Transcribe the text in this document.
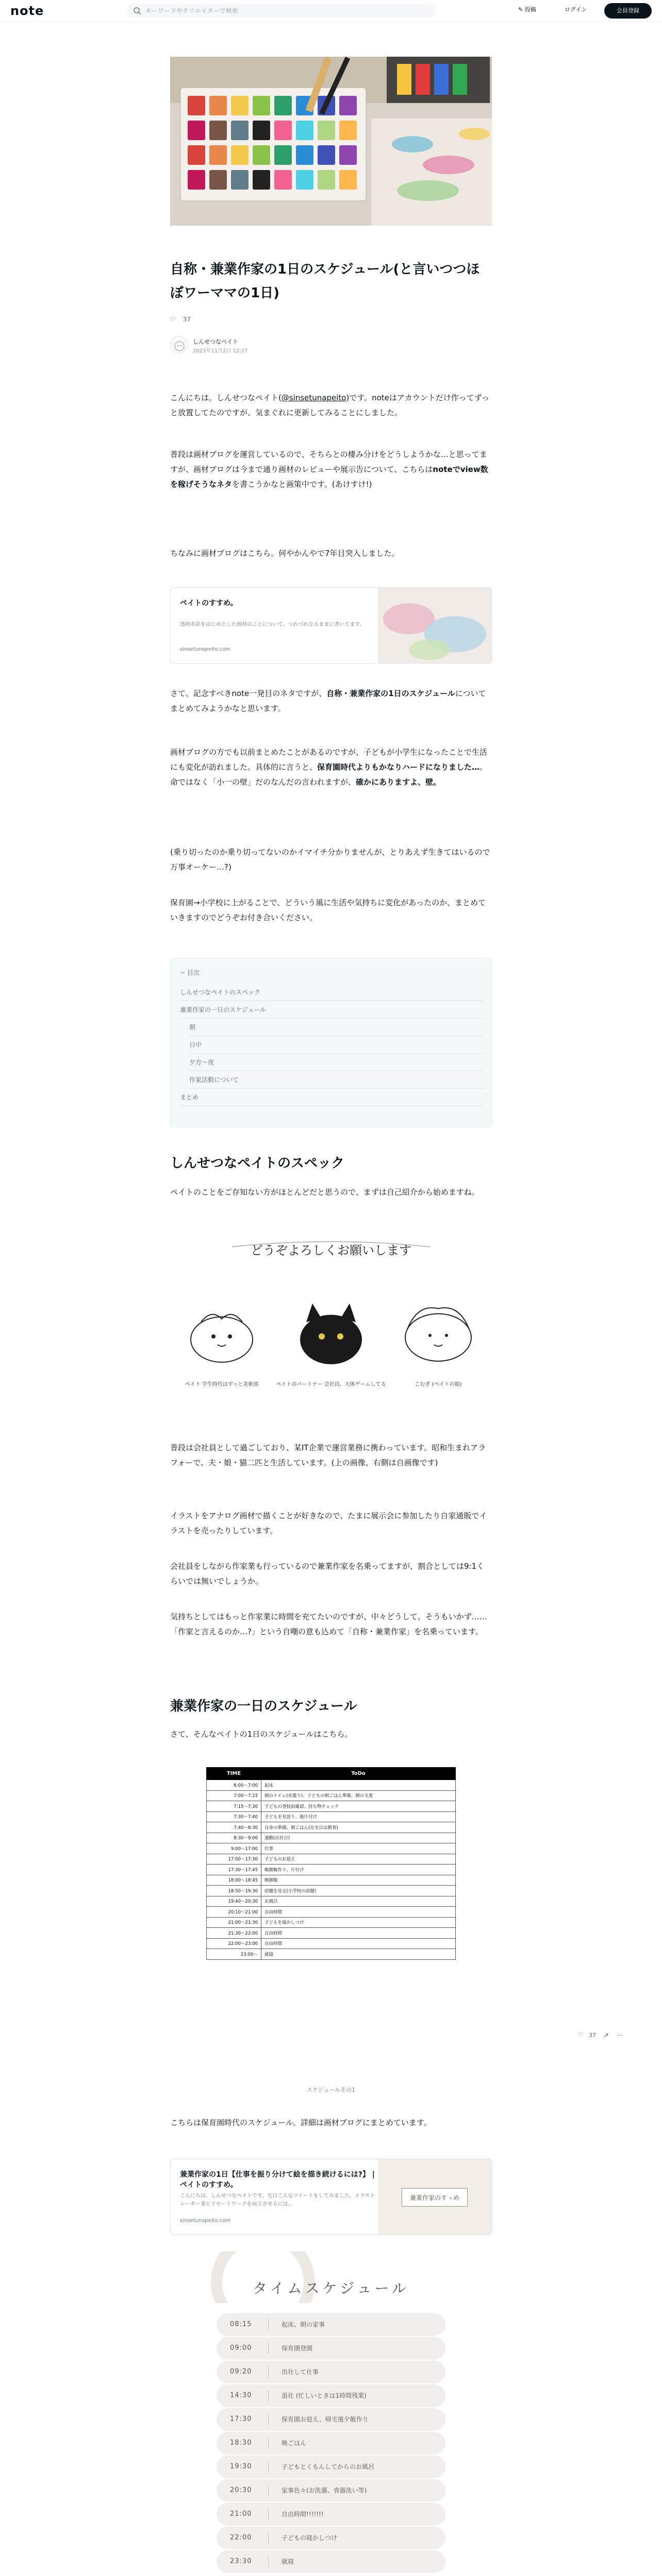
note
キーワードやクリエイターで検索	✎ 投稿	ログイン	会員登録
自称・兼業作家の1日のスケジュール(と言いつつほぼワーママの1日)
♡ 37
しんせつなペイト
2023年11月2日 12:27

こんにちは。しんせつなペイト(@sinsetunapeito)です。noteはアカウントだけ作ってずっと放置してたのですが、気まぐれに更新してみることにしました。

普段は画材ブログを運営しているので、そちらとの棲み分けをどうしようかな…と思ってますが、画材ブログは今まで通り画材のレビューや展示告について、こちらはnoteでview数を稼げそうなネタを書こうかなと画策中です。(あけすけ!)

ちなみに画材ブログはこちら。何やかんやで7年目突入しました。

ペイトのすすめ。
透明水彩をはじめとした画材のことについて、つれづれなるままに書いてます。
sinsetunapeito.com

さて、記念すべきnote一発目のネタですが、自称・兼業作家の1日のスケジュールについてまとめてみようかなと思います。

画材ブログの方でも以前まとめたことがあるのですが、子どもが小学生になったことで生活にも変化が訪れました。具体的に言うと、保育園時代よりもかなりハードになりました…。命ではなく「小一の壁」だのなんだの言われますが、確かにありますよ、壁。

(乗り切ったのか乗り切ってないのかイマイチ分かりませんが、とりあえず生きてはいるので万事オーケー…?)

保育園→小学校に上がることで、どういう風に生活や気持ちに変化があったのか、まとめていきますのでどうぞお付き合いください。

− 目次
しんせつなペイトのスペック
兼業作家の一日のスケジュール
朝
日中
夕方〜夜
作家活動について
まとめ
しんせつなペイトのスペック

ペイトのことをご存知ない方がほとんどだと思うので、まずは自己紹介から始めますね。

どうぞよろしくお願いします
ペイト 学生時代はずっと美術部	ペイトのパートナー 会社員。大体ゲームしてる	こむぎ (ペイトの娘)

普段は会社員として過ごしており、某IT企業で運営業務に携わっています。昭和生まれアラフォーで、夫・娘・猫二匹と生活しています。(上の画像、右側は自画像です)

イラストをアナログ画材で描くことが好きなので、たまに展示会に参加したり自家通販でイラストを売ったりしています。

会社員をしながら作家業も行っているので兼業作家を名乗ってますが、割合としては9:1くらいでは無いでしょうか。

気持ちとしてはもっと作家業に時間を充てたいのですが、中々どうして、そうもいかず……「作家と言えるのか…?」という自嘲の意も込めて「自称・兼業作家」を名乗っています。

兼業作家の一日のスケジュール

さて、そんなペイトの1日のスケジュールはこちら。

TIME	ToDo
6:00〜7:00	起床
7:00〜7:15	朝のトイレ(水遣り)、子どもの朝ごはん準備、朝の支度
7:15〜7:30	子どもの登校前確認、持ち物チェック
7:30〜7:40	子どもを見送り、後片付け
7:40〜8:30	自身の準備、朝ごはん(在宅日は朝食)
8:30〜9:00	通勤(出社日)
9:00〜17:00	仕事
17:00〜17:30	子どものお迎え
17:30〜17:45	晩御飯作り、片付け
18:00〜18:45	晩御飯
18:50〜19:30	宿題を見る(小学校の宿題)
19:40〜20:30	お風呂
20:10〜21:00	自由時間
21:00〜21:30	子どもを寝かしつけ
21:30〜22:00	自由時間
22:00〜23:00	自由時間
23:00〜	就寝
スケジュールその1

こちらは保育園時代のスケジュール。詳細は画材ブログにまとめています。

兼業作家の1日【仕事を振り分けて絵を描き続けるには?】 | ペイトのすすめ。
こんにちは。しんせつなペイトです。先日こんなツイートをしてみました。イラストレーター業とリモートワークを両立させるには…
sinsetunapeito.com
兼業作家のすゝめ
タイムスケジュール
08:15	起床、朝の家事
09:00	保育園登園
09:20	出社して仕事
14:30	退社 (忙しいときは1時間残業)
17:30	保育園お迎え、帰宅後夕飯作り
18:30	晩ごはん
19:30	子どもとくもんしてからのお風呂
20:30	家事色々(お洗濯、食器洗い等)
21:00	自由時間!!!!!!!
22:00	子どもの寝かしつけ
23:30	就寝

♡ 37 ↗ ⋯
